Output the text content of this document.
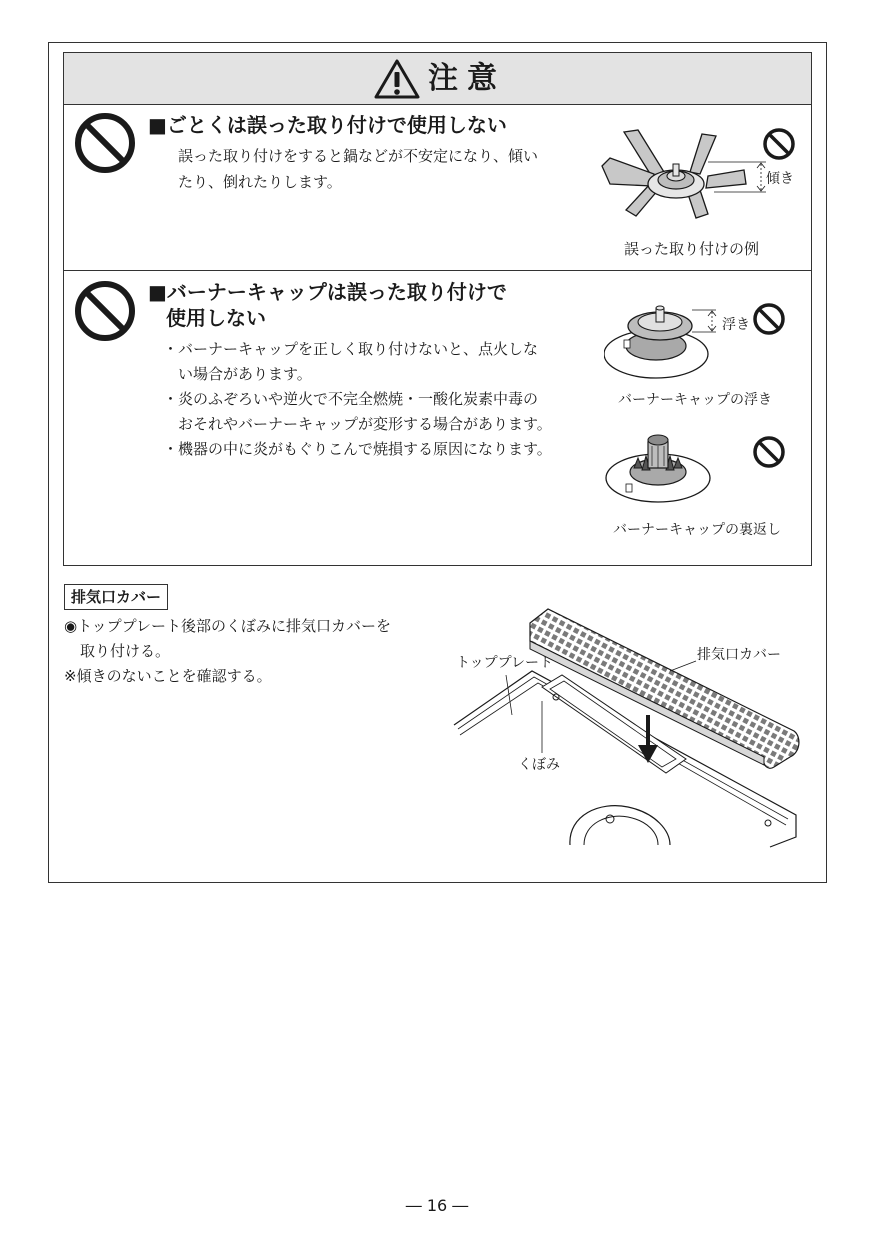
注意
■ごとくは誤った取り付けで使用しない
誤った取り付けをすると鍋などが不安定になり、傾い
たり、倒れたりします。	傾き
誤った取り付けの例
■バーナーキャップは誤った取り付けで
使用しない
・バーナーキャップを正しく取り付けないと、点火しな
い場合があります。
・炎のふぞろいや逆火で不完全燃焼・一酸化炭素中毒の
おそれやバーナーキャップが変形する場合があります。
・機器の中に炎がもぐりこんで焼損する原因になります。
浮き
バーナーキャップの浮き
バーナーキャップの裏返し
排気口カバー
◉トッププレート後部のくぼみに排気口カバーを
取り付ける。
※傾きのないことを確認する。
排気口カバー
トッププレート
くぼみ
― 16 ―
